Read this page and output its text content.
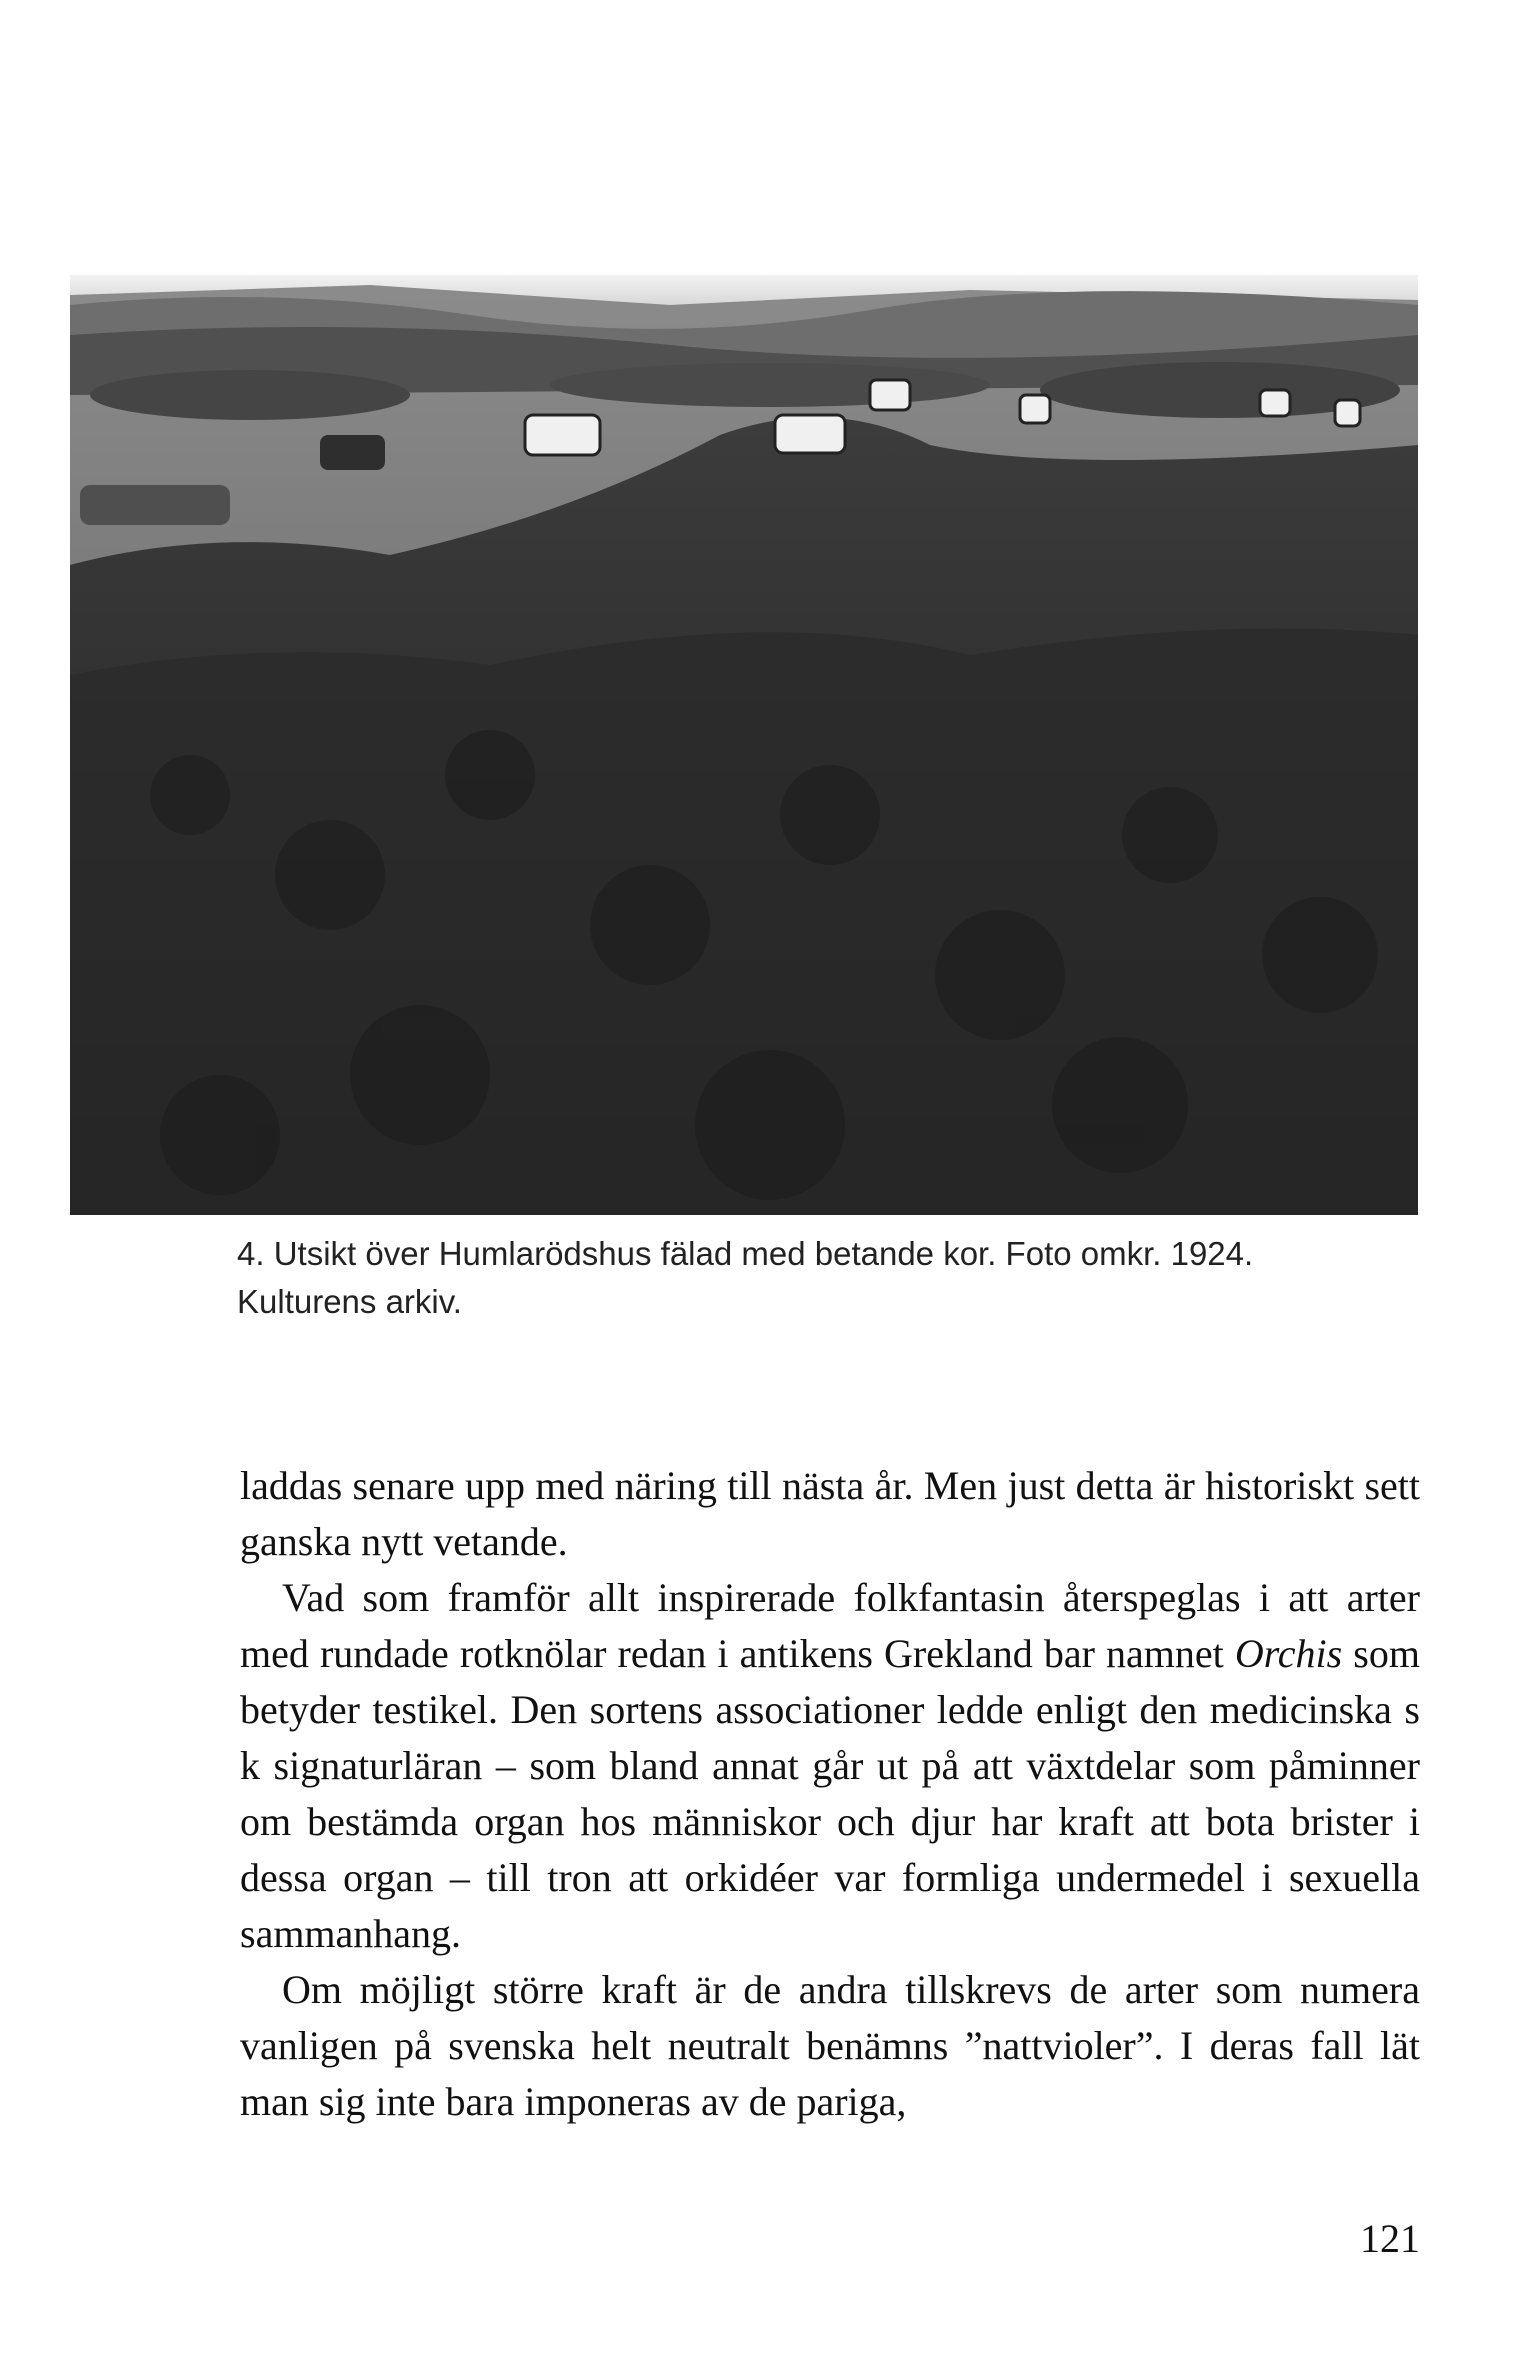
4. Utsikt över Humlarödshus fälad med betande kor. Foto omkr. 1924. Kulturens arkiv.

laddas senare upp med näring till nästa år. Men just detta är historiskt sett ganska nytt vetande.

Vad som framför allt inspirerade folkfantasin återspeglas i att arter med rundade rotknölar redan i antikens Grekland bar namnet Orchis som betyder testikel. Den sortens associationer ledde enligt den medicinska s k signaturläran – som bland annat går ut på att växtdelar som påminner om bestämda organ hos människor och djur har kraft att bota brister i dessa organ – till tron att orkidéer var formliga undermedel i sexuella sammanhang.

Om möjligt större kraft är de andra tillskrevs de arter som numera vanligen på svenska helt neutralt benämns ”nattvioler”. I deras fall lät man sig inte bara imponeras av de pariga,

121
